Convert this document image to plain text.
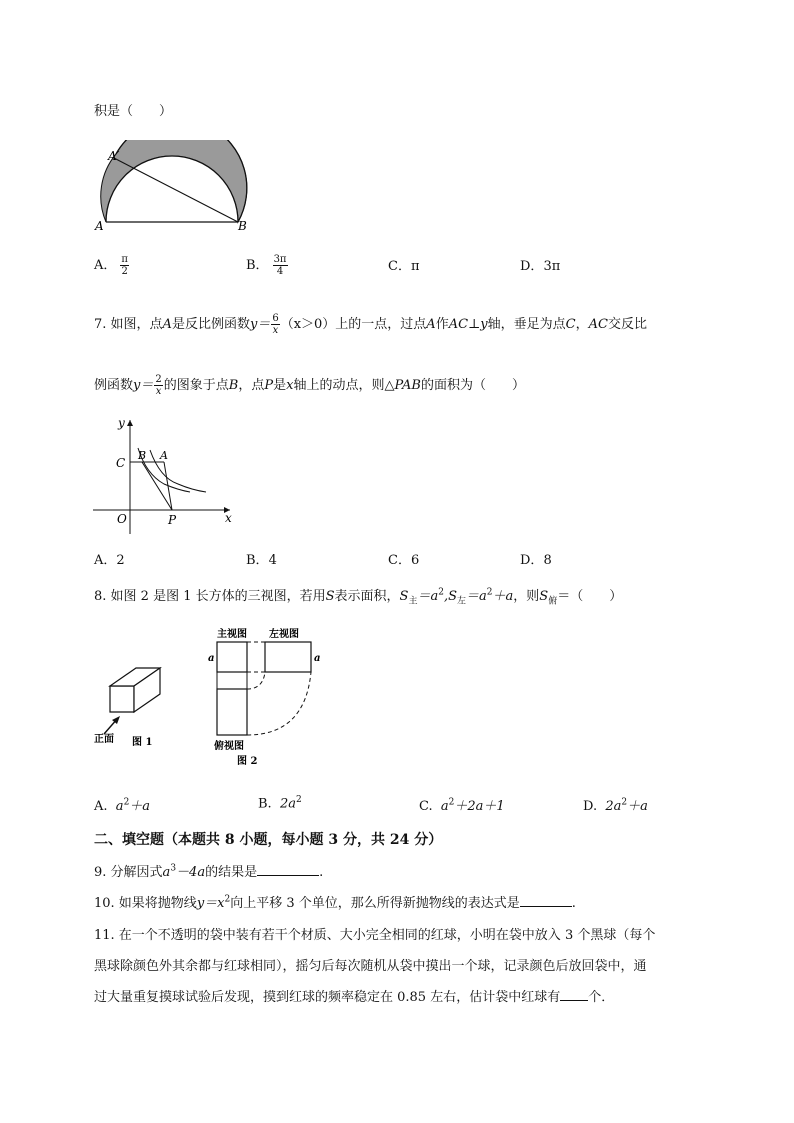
积是（　　）
A′
A	B
A． $\frac{\pi}{2}$	B． $\frac{3\pi}{4}$	C．π	D．3π
7. 如图，点A是反比例函数$y= \frac{6}{x} (x>0)$上的一点，过点A作AC⊥y轴，垂足为点C，AC交反比
例函数$y= \frac{2}{x}$ 的图象于点B，点P是x轴上的动点，则△PAB的面积为（　　）
y
x
O
C
B A
P
A．2	B．4	C．6	D．8
8. 如图 2 是图 1 长方体的三视图，若用S表示面积，$S_主=a^2,S_左=a^2+a$，则$S_俯=$（　　）
正面 图 1
主视图 左视图
a	a
俯视图
图 2
A. $a^2+a$	B. $2a^2$	C. $a^2+2a+1$	D. $2a^2+a$
二、填空题（本题共 8 小题，每小题 3 分，共 24 分）
9. 分解因式$a^3-4a$的结果是	.
10. 如果将抛物线$y=x^2$向上平移 3 个单位，那么所得新抛物线的表达式是	.
11. 在一个不透明的袋中装有若干个材质、大小完全相同的红球，小明在袋中放入 3 个黑球（每个
黑球除颜色外其余都与红球相同），摇匀后每次随机从袋中摸出一个球，记录颜色后放回袋中，通
过大量重复摸球试验后发现，摸到红球的频率稳定在 0.85 左右，估计袋中红球有 个．
